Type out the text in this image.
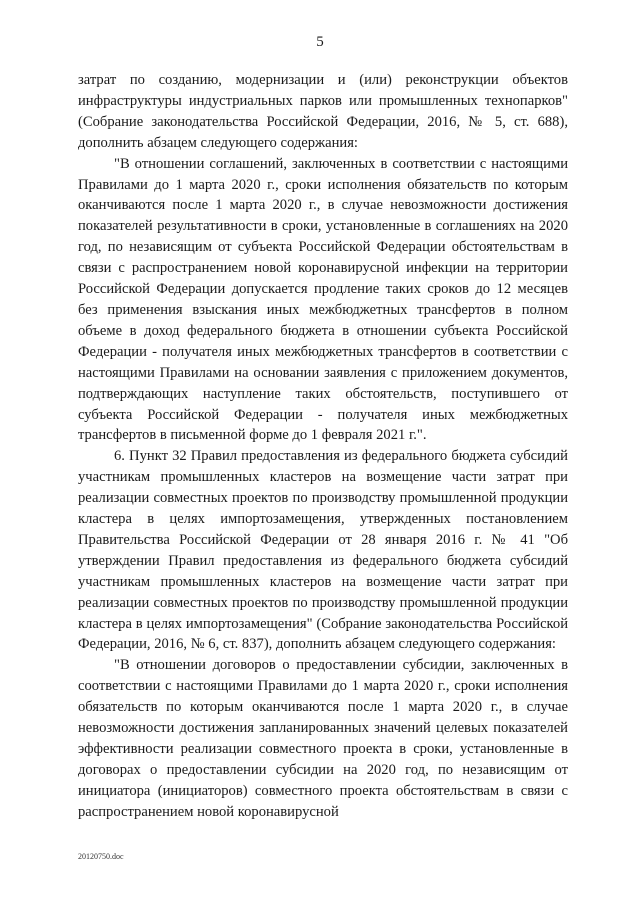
5

затрат по созданию, модернизации и (или) реконструкции объектов инфраструктуры индустриальных парков или промышленных технопарков" (Собрание законодательства Российской Федерации, 2016, № 5, ст. 688), дополнить абзацем следующего содержания:

"В отношении соглашений, заключенных в соответствии с настоящими Правилами до 1 марта 2020 г., сроки исполнения обязательств по которым оканчиваются после 1 марта 2020 г., в случае невозможности достижения показателей результативности в сроки, установленные в соглашениях на 2020 год, по независящим от субъекта Российской Федерации обстоятельствам в связи с распространением новой коронавирусной инфекции на территории Российской Федерации допускается продление таких сроков до 12 месяцев без применения взыскания иных межбюджетных трансфертов в полном объеме в доход федерального бюджета в отношении субъекта Российской Федерации - получателя иных межбюджетных трансфертов в соответствии с настоящими Правилами на основании заявления с приложением документов, подтверждающих наступление таких обстоятельств, поступившего от субъекта Российской Федерации - получателя иных межбюджетных трансфертов в письменной форме до 1 февраля 2021 г.".

6. Пункт 32 Правил предоставления из федерального бюджета субсидий участникам промышленных кластеров на возмещение части затрат при реализации совместных проектов по производству промышленной продукции кластера в целях импортозамещения, утвержденных постановлением Правительства Российской Федерации от 28 января 2016 г. № 41 "Об утверждении Правил предоставления из федерального бюджета субсидий участникам промышленных кластеров на возмещение части затрат при реализации совместных проектов по производству промышленной продукции кластера в целях импортозамещения" (Собрание законодательства Российской Федерации, 2016, № 6, ст. 837), дополнить абзацем следующего содержания:

"В отношении договоров о предоставлении субсидии, заключенных в соответствии с настоящими Правилами до 1 марта 2020 г., сроки исполнения обязательств по которым оканчиваются после 1 марта 2020 г., в случае невозможности достижения запланированных значений целевых показателей эффективности реализации совместного проекта в сроки, установленные в договорах о предоставлении субсидии на 2020 год, по независящим от инициатора (инициаторов) совместного проекта обстоятельствам в связи с распространением новой коронавирусной

20120750.doc
